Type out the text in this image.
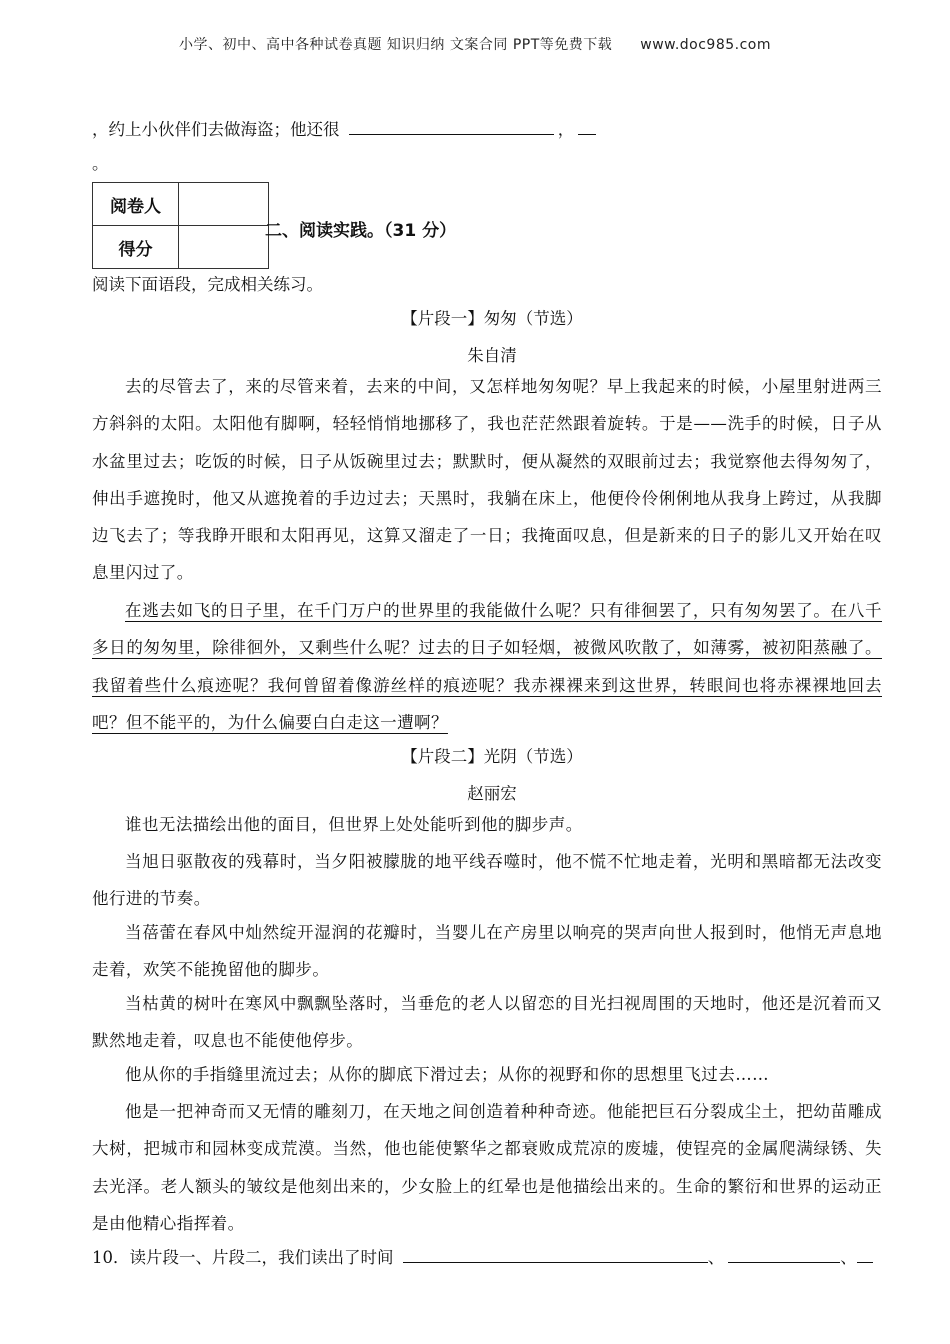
小学、初中、高中各种试卷真题 知识归纳 文案合同 PPT等免费下载 www.doc985.com
，约上小伙伴们去做海盗；他还很	，
。
阅卷人	
得分	
二、阅读实践。（31 分）
阅读下面语段，完成相关练习。
【片段一】匆匆（节选）
朱自清
去的尽管去了，来的尽管来着，去来的中间，又怎样地匆匆呢？早上我起来的时候，小屋里射进两三方斜斜的太阳。太阳他有脚啊，轻轻悄悄地挪移了，我也茫茫然跟着旋转。于是——洗手的时候，日子从水盆里过去；吃饭的时候，日子从饭碗里过去；默默时，便从凝然的双眼前过去；我觉察他去得匆匆了，伸出手遮挽时，他又从遮挽着的手边过去；天黑时，我躺在床上，他便伶伶俐俐地从我身上跨过，从我脚边飞去了；等我睁开眼和太阳再见，这算又溜走了一日；我掩面叹息，但是新来的日子的影儿又开始在叹息里闪过了。
在逃去如飞的日子里，在千门万户的世界里的我能做什么呢？只有徘徊罢了，只有匆匆罢了。在八千多日的匆匆里，除徘徊外，又剩些什么呢？过去的日子如轻烟，被微风吹散了，如薄雾，被初阳蒸融了。我留着些什么痕迹呢？我何曾留着像游丝样的痕迹呢？我赤裸裸来到这世界，转眼间也将赤裸裸地回去吧？但不能平的，为什么偏要白白走这一遭啊？
【片段二】光阴（节选）
赵丽宏
谁也无法描绘出他的面目，但世界上处处能听到他的脚步声。
当旭日驱散夜的残幕时，当夕阳被朦胧的地平线吞噬时，他不慌不忙地走着，光明和黑暗都无法改变他行进的节奏。
当蓓蕾在春风中灿然绽开湿润的花瓣时，当婴儿在产房里以响亮的哭声向世人报到时，他悄无声息地走着，欢笑不能挽留他的脚步。
当枯黄的树叶在寒风中飘飘坠落时，当垂危的老人以留恋的目光扫视周围的天地时，他还是沉着而又默然地走着，叹息也不能使他停步。
他从你的手指缝里流过去；从你的脚底下滑过去；从你的视野和你的思想里飞过去……
他是一把神奇而又无情的雕刻刀，在天地之间创造着种种奇迹。他能把巨石分裂成尘土，把幼苗雕成大树，把城市和园林变成荒漠。当然，他也能使繁华之都衰败成荒凉的废墟，使锃亮的金属爬满绿锈、失去光泽。老人额头的皱纹是他刻出来的，少女脸上的红晕也是他描绘出来的。生命的繁衍和世界的运动正是由他精心指挥着。
10．读片段一、片段二，我们读出了时间	、	、
